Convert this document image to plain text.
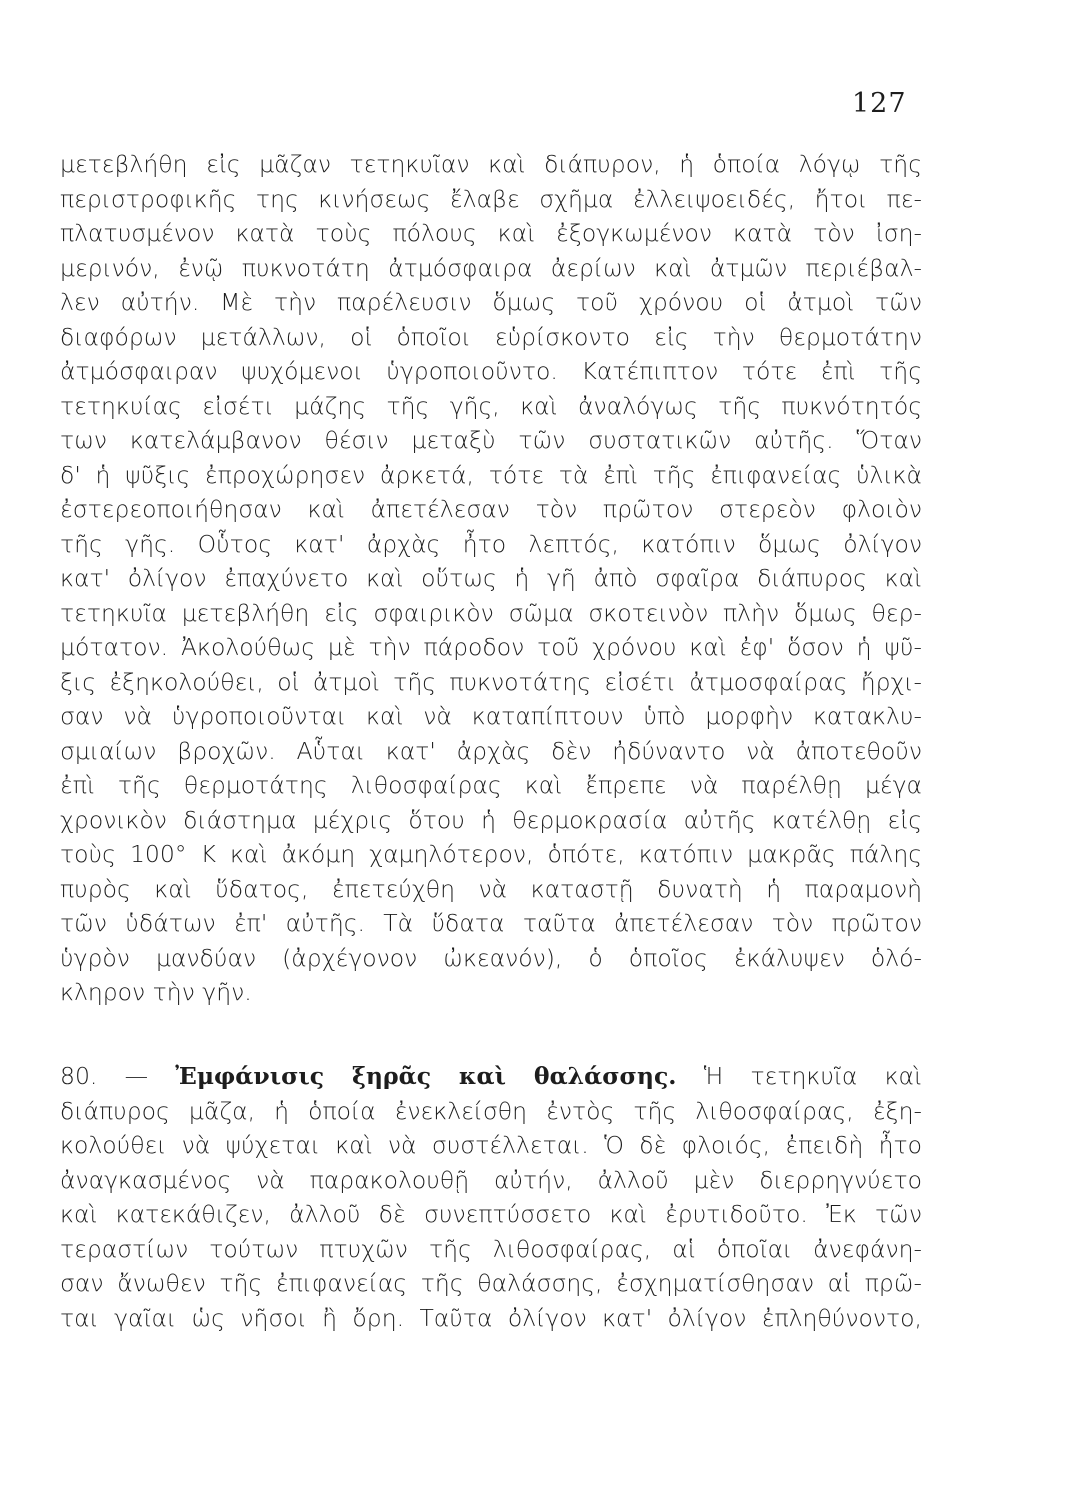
127
μετεβλήθη εἰς μᾶζαν τετηκυῖαν καὶ διάπυρον, ἡ ὁποία λόγῳ τῆς
περιστροφικῆς της κινήσεως ἔλαβε σχῆμα ἐλλειψοειδές, ἤτοι πε-
πλατυσμένον κατὰ τοὺς πόλους καὶ ἐξογκωμένον κατὰ τὸν ἰση-
μερινόν, ἐνῷ πυκνοτάτη ἀτμόσφαιρα ἀερίων καὶ ἀτμῶν περιέβαλ-
λεν αὐτήν. Μὲ τὴν παρέλευσιν ὅμως τοῦ χρόνου οἱ ἀτμοὶ τῶν
διαφόρων μετάλλων, οἱ ὁποῖοι εὑρίσκοντο εἰς τὴν θερμοτάτην
ἀτμόσφαιραν ψυχόμενοι ὑγροποιοῦντο. Κατέπιπτον τότε ἐπὶ τῆς
τετηκυίας εἰσέτι μάζης τῆς γῆς, καὶ ἀναλόγως τῆς πυκνότητός
των κατελάμβανον θέσιν μεταξὺ τῶν συστατικῶν αὐτῆς. Ὅταν
δ' ἡ ψῦξις ἐπροχώρησεν ἀρκετά, τότε τὰ ἐπὶ τῆς ἐπιφανείας ὑλικὰ
ἐστερεοποιήθησαν καὶ ἀπετέλεσαν τὸν πρῶτον στερεὸν φλοιὸν
τῆς γῆς. Οὗτος κατ' ἀρχὰς ἦτο λεπτός, κατόπιν ὅμως ὀλίγον
κατ' ὀλίγον ἐπαχύνετο καὶ οὕτως ἡ γῆ ἀπὸ σφαῖρα διάπυρος καὶ
τετηκυῖα μετεβλήθη εἰς σφαιρικὸν σῶμα σκοτεινὸν πλὴν ὅμως θερ-
μότατον. Ἀκολούθως μὲ τὴν πάροδον τοῦ χρόνου καὶ ἐφ' ὅσον ἡ ψῦ-
ξις ἐξηκολούθει, οἱ ἀτμοὶ τῆς πυκνοτάτης εἰσέτι ἀτμοσφαίρας ἤρχι-
σαν νὰ ὑγροποιοῦνται καὶ νὰ καταπίπτουν ὑπὸ μορφὴν κατακλυ-
σμιαίων βροχῶν. Αὗται κατ' ἀρχὰς δὲν ἠδύναντο νὰ ἀποτεθοῦν
ἐπὶ τῆς θερμοτάτης λιθοσφαίρας καὶ ἔπρεπε νὰ παρέλθῃ μέγα
χρονικὸν διάστημα μέχρις ὅτου ἡ θερμοκρασία αὐτῆς κατέλθῃ εἰς
τοὺς 100° Κ καὶ ἀκόμη χαμηλότερον, ὁπότε, κατόπιν μακρᾶς πάλης
πυρὸς καὶ ὕδατος, ἐπετεύχθη νὰ καταστῇ δυνατὴ ἡ παραμονὴ
τῶν ὑδάτων ἐπ' αὐτῆς. Τὰ ὕδατα ταῦτα ἀπετέλεσαν τὸν πρῶτον
ὑγρὸν μανδύαν (ἀρχέγονον ὠκεανόν), ὁ ὁποῖος ἐκάλυψεν ὁλό-
κληρον τὴν γῆν.
80. — Ἐμφάνισις ξηρᾶς καὶ θαλάσσης. Ἡ τετηκυῖα καὶ
διάπυρος μᾶζα, ἡ ὁποία ἐνεκλείσθη ἐντὸς τῆς λιθοσφαίρας, ἐξη-
κολούθει νὰ ψύχεται καὶ νὰ συστέλλεται. Ὁ δὲ φλοιός, ἐπειδὴ ἦτο
ἀναγκασμένος νὰ παρακολουθῇ αὐτήν, ἀλλοῦ μὲν διερρηγνύετο
καὶ κατεκάθιζεν, ἀλλοῦ δὲ συνεπτύσσετο καὶ ἐρυτιδοῦτο. Ἐκ τῶν
τεραστίων τούτων πτυχῶν τῆς λιθοσφαίρας, αἱ ὁποῖαι ἀνεφάνη-
σαν ἄνωθεν τῆς ἐπιφανείας τῆς θαλάσσης, ἐσχηματίσθησαν αἱ πρῶ-
ται γαῖαι ὡς νῆσοι ἢ ὄρη. Ταῦτα ὀλίγον κατ' ὀλίγον ἐπληθύνοντο,
